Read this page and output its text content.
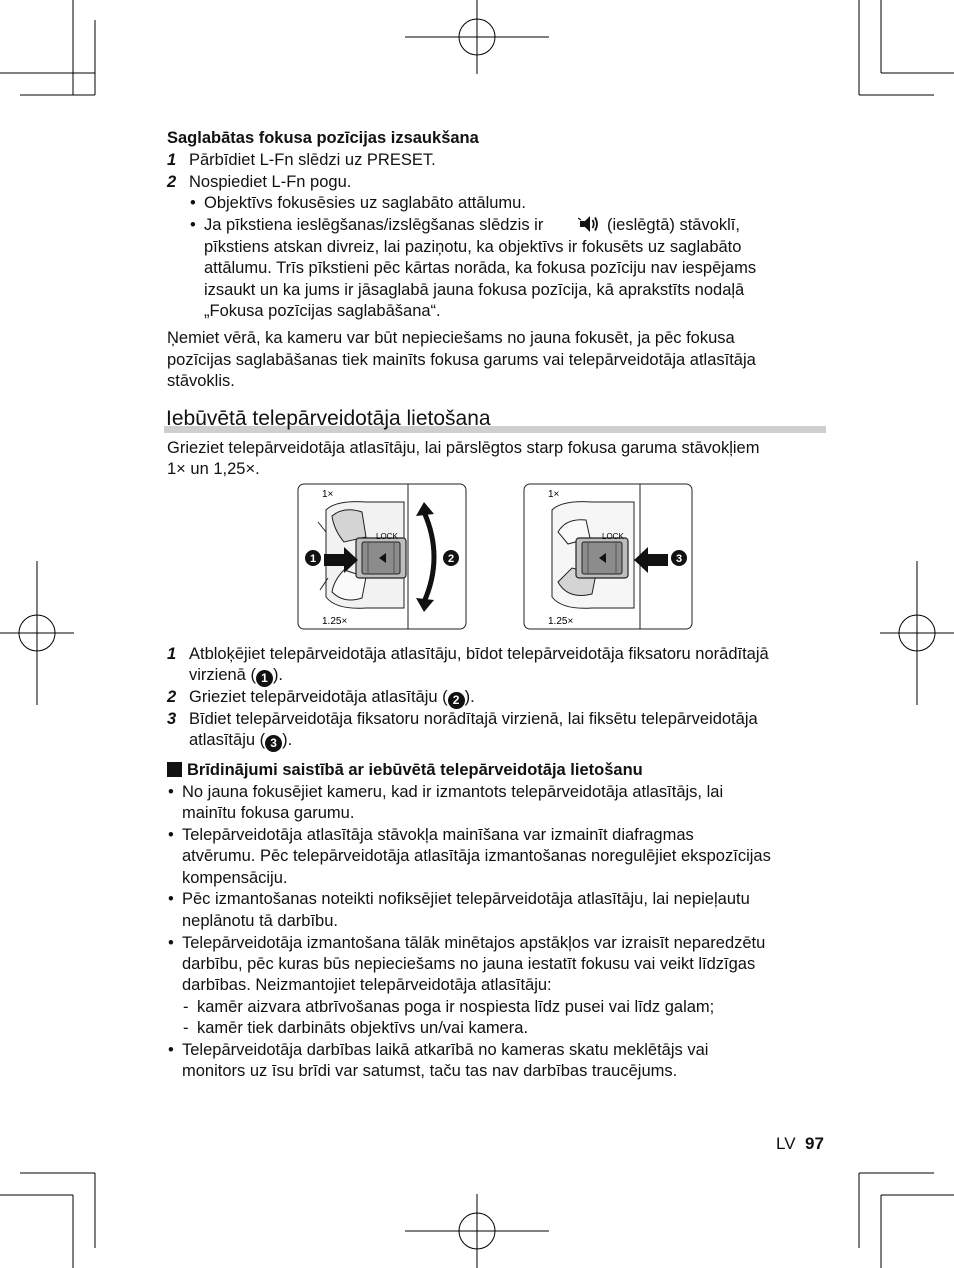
Saglabātas fokusa pozīcijas izsaukšana
1 Pārbīdiet L-Fn slēdzi uz PRESET.
2 Nospiediet L-Fn pogu.
• Objektīvs fokusēsies uz saglabāto attālumu.
• Ja pīkstiena ieslēgšanas/izslēgšanas slēdzis ir	(ieslēgtā) stāvoklī,
pīkstiens atskan divreiz, lai paziņotu, ka objektīvs ir fokusēts uz saglabāto
attālumu. Trīs pīkstieni pēc kārtas norāda, ka fokusa pozīciju nav iespējams
izsaukt un ka jums ir jāsaglabā jauna fokusa pozīcija, kā aprakstīts nodaļā
„Fokusa pozīcijas saglabāšana“.
Ņemiet vērā, ka kameru var būt nepieciešams no jauna fokusēt, ja pēc fokusa
pozīcijas saglabāšanas tiek mainīts fokusa garums vai telepārveidotāja atlasītāja
stāvoklis.
Iebūvētā telepārveidotāja lietošana
Grieziet telepārveidotāja atlasītāju, lai pārslēgtos starp fokusa garuma stāvokļiem
1× un 1,25×.
1×
1.25×
LOCK
1	2
1×
1.25×
LOCK
3
1 Atbloķējiet telepārveidotāja atlasītāju, bīdot telepārveidotāja fiksatoru norādītajā
virzienā ( 1 ).
2 Grieziet telepārveidotāja atlasītāju ( 2 ).
3 Bīdiet telepārveidotāja fiksatoru norādītajā virzienā, lai fiksētu telepārveidotāja
atlasītāju ( 3 ).
Brīdinājumi saistībā ar iebūvētā telepārveidotāja lietošanu
• No jauna fokusējiet kameru, kad ir izmantots telepārveidotāja atlasītājs, lai
mainītu fokusa garumu.
• Telepārveidotāja atlasītāja stāvokļa mainīšana var izmainīt diafragmas
atvērumu. Pēc telepārveidotāja atlasītāja izmantošanas noregulējiet ekspozīcijas
kompensāciju.
• Pēc izmantošanas noteikti nofiksējiet telepārveidotāja atlasītāju, lai nepieļautu
neplānotu tā darbību.
• Telepārveidotāja izmantošana tālāk minētajos apstākļos var izraisīt neparedzētu
darbību, pēc kuras būs nepieciešams no jauna iestatīt fokusu vai veikt līdzīgas
darbības. Neizmantojiet telepārveidotāja atlasītāju:
- kamēr aizvara atbrīvošanas poga ir nospiesta līdz pusei vai līdz galam;
- kamēr tiek darbināts objektīvs un/vai kamera.
• Telepārveidotāja darbības laikā atkarībā no kameras skatu meklētājs vai
monitors uz īsu brīdi var satumst, taču tas nav darbības traucējums.
LV 97
